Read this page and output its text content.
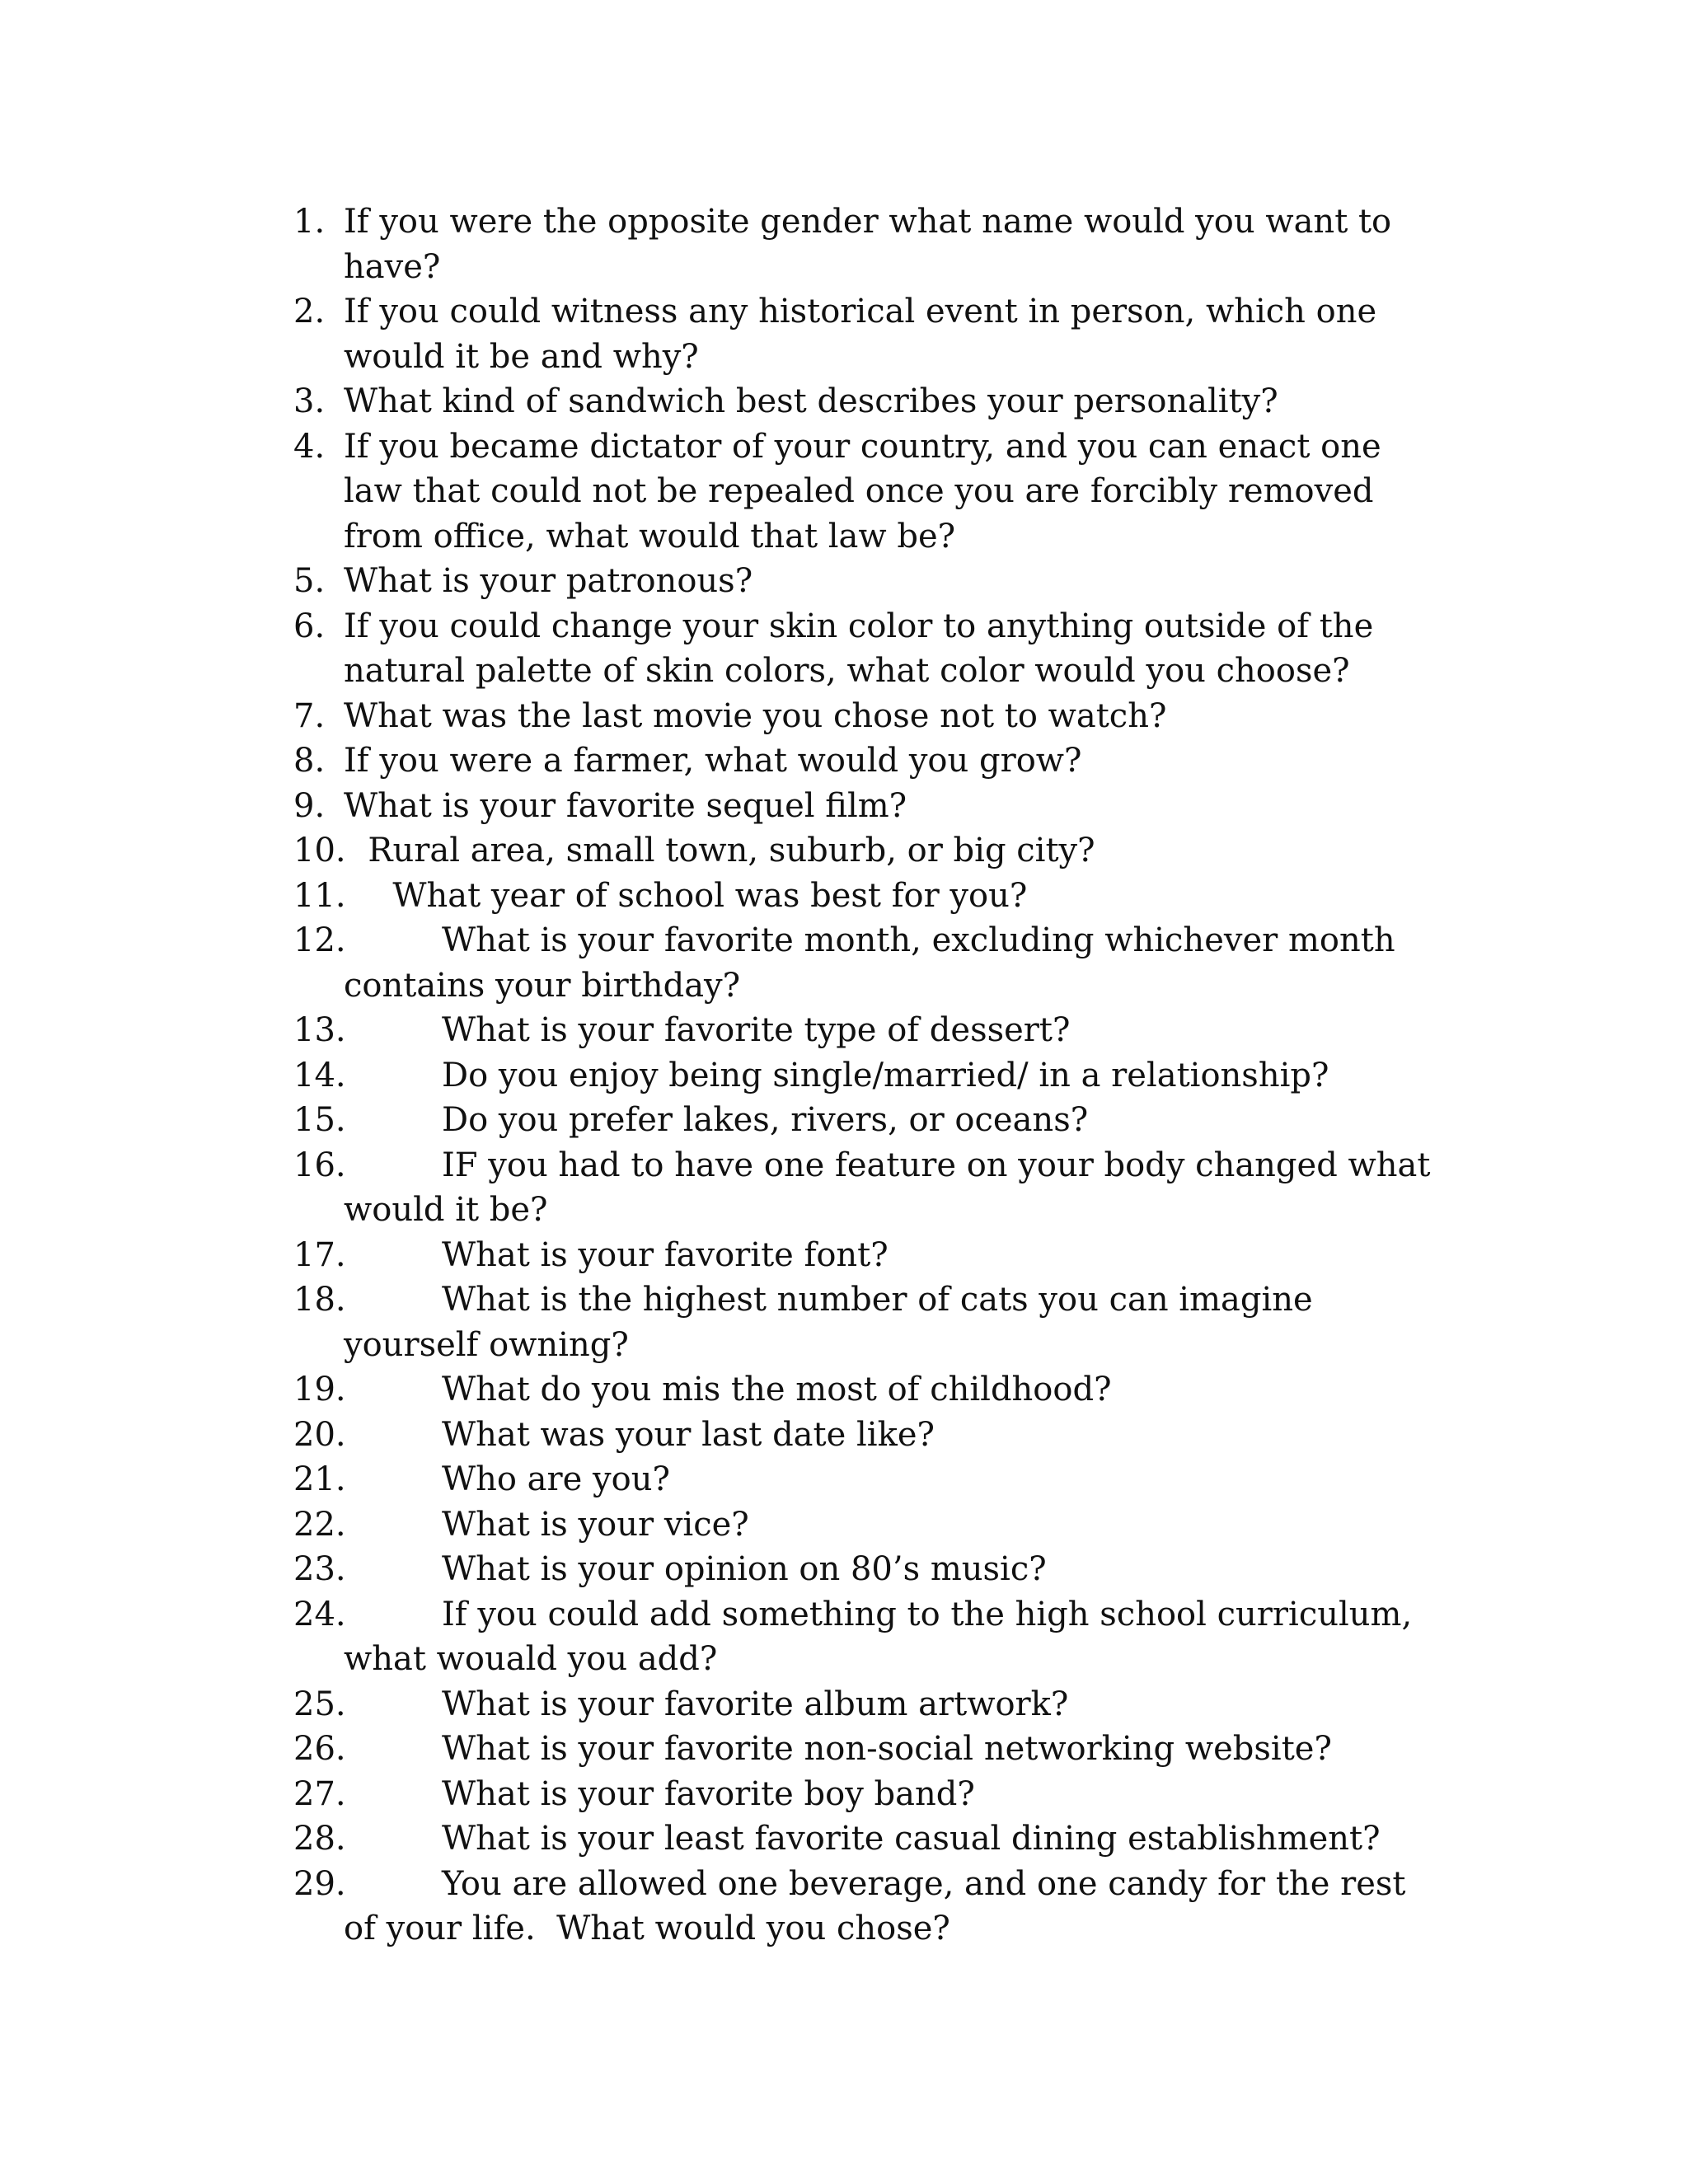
1. If you were the opposite gender what name would you want to have?
2. If you could witness any historical event in person, which one would it be and why?
3. What kind of sandwich best describes your personality?
4. If you became dictator of your country, and you can enact one law that could not be repealed once you are forcibly removed from office, what would that law be?
5. What is your patronous?
6. If you could change your skin color to anything outside of the natural palette of skin colors, what color would you choose?
7. What was the last movie you chose not to watch?
8. If you were a farmer, what would you grow?
9. What is your favorite sequel film?
10. Rural area, small town, suburb, or big city?
11. What year of school was best for you?
12.	What is your favorite month, excluding whichever month contains your birthday?
13.	What is your favorite type of dessert?
14.	Do you enjoy being single/married/ in a relationship?
15.	Do you prefer lakes, rivers, or oceans?
16.	IF you had to have one feature on your body changed what would it be?
17.	What is your favorite font?
18.	What is the highest number of cats you can imagine yourself owning?
19.	What do you mis the most of childhood?
20.	What was your last date like?
21.	Who are you?
22.	What is your vice?
23.	What is your opinion on 80’s music?
24.	If you could add something to the high school curriculum, what wouald you add?
25.	What is your favorite album artwork?
26.	What is your favorite non-social networking website?
27.	What is your favorite boy band?
28.	What is your least favorite casual dining establishment?
29.	You are allowed one beverage, and one candy for the rest of your life.  What would you chose?
